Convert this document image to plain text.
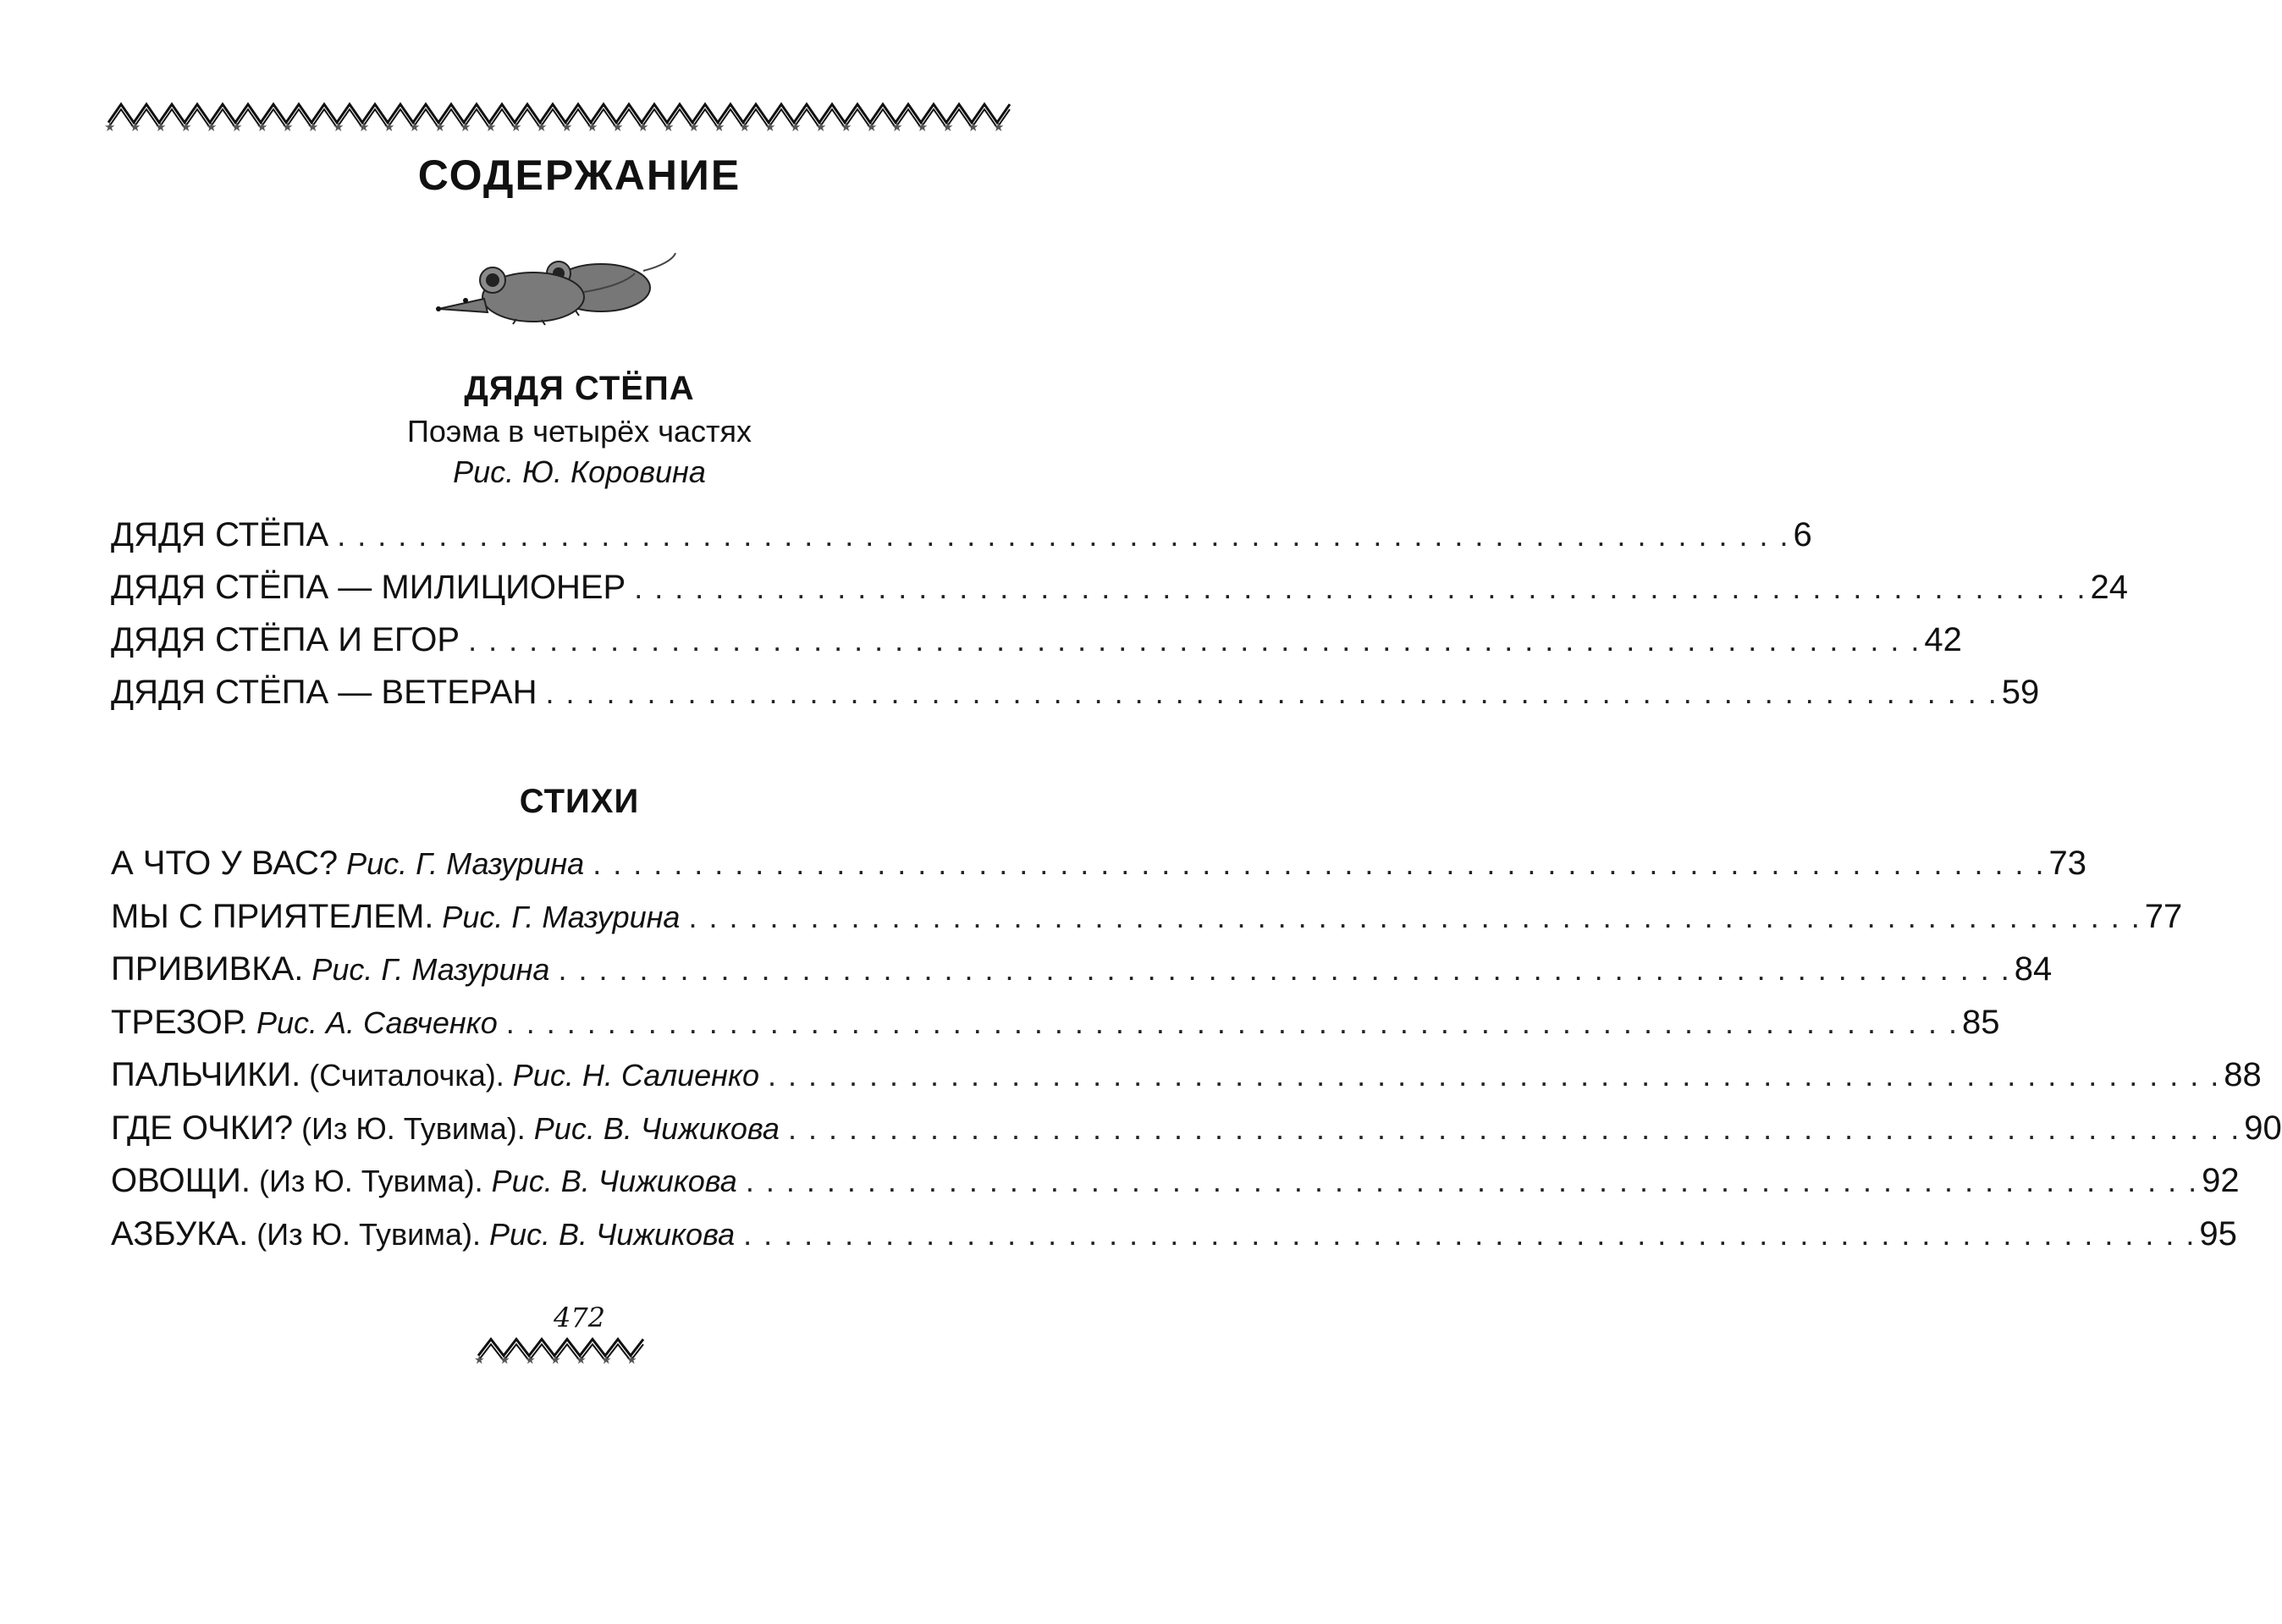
★ ★ ★ ★ ★ ★ ★ ★ ★ ★ ★ ★ ★ ★ ★ ★ ★ ★ ★ ★ ★ ★ ★ ★ ★ ★ ★ ★ ★ ★ ★ ★ ★ ★ ★ ★
СОДЕРЖАНИЕ
ДЯДЯ СТЁПА
Поэма в четырёх частях
Рис. Ю. Коровина
ДЯДЯ СТЁПА . . .	6
ДЯДЯ СТЁПА — МИЛИЦИОНЕР . . .	24
ДЯДЯ СТЁПА И ЕГОР . . .	42
ДЯДЯ СТЁПА — ВЕТЕРАН . . .	59
СТИХИ
А ЧТО У ВАС? Рис. Г. Мазурина . . .	73
МЫ С ПРИЯТЕЛЕМ. Рис. Г. Мазурина . . .	77
ПРИВИВКА. Рис. Г. Мазурина . . .	84
ТРЕЗОР. Рис. А. Савченко . . .	85
ПАЛЬЧИКИ. (Считалочка). Рис. Н. Салиенко . . .	88
ГДЕ ОЧКИ? (Из Ю. Тувима). Рис. В. Чижикова . . .	90
ОВОЩИ. (Из Ю. Тувима). Рис. В. Чижикова . . .	92
АЗБУКА. (Из Ю. Тувима). Рис. В. Чижикова . . .	95
472
★ ★ ★ ★ ★ ★ ★
